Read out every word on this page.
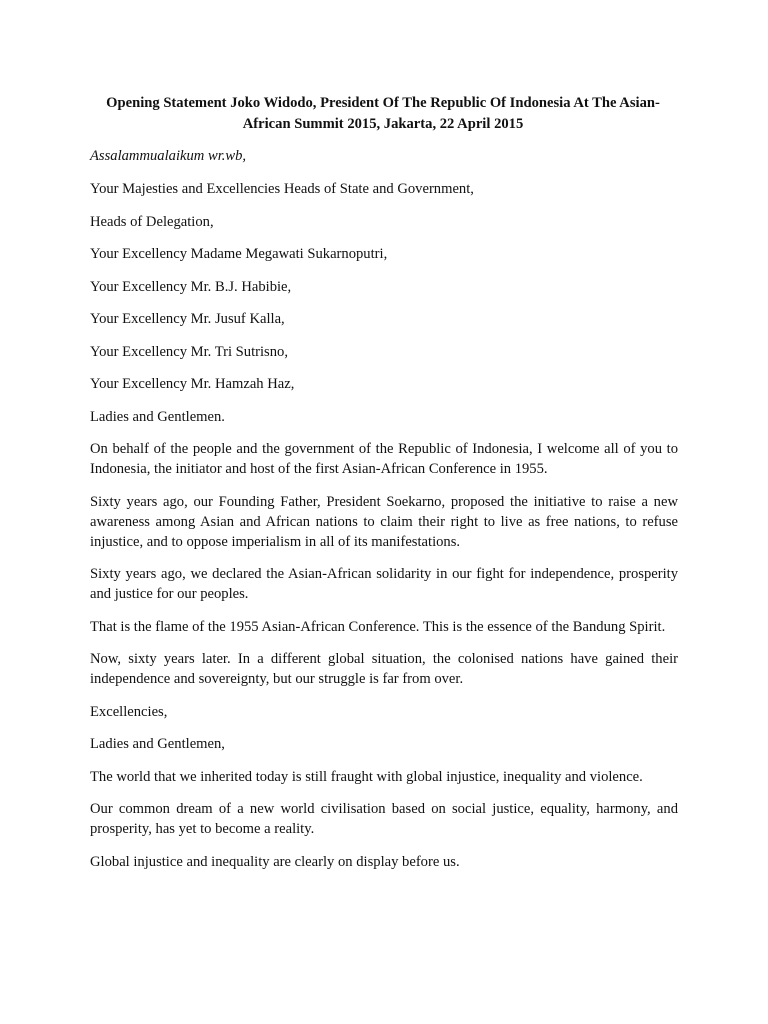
Opening Statement Joko Widodo, President Of The Republic Of Indonesia At The Asian-African Summit 2015, Jakarta, 22 April 2015

Assalammualaikum wr.wb,

Your Majesties and Excellencies Heads of State and Government,

Heads of Delegation,

Your Excellency Madame Megawati Sukarnoputri,

Your Excellency Mr. B.J. Habibie,

Your Excellency Mr. Jusuf Kalla,

Your Excellency Mr. Tri Sutrisno,

Your Excellency Mr. Hamzah Haz,

Ladies and Gentlemen.

On behalf of the people and the government of the Republic of Indonesia, I welcome all of you to Indonesia, the initiator and host of the first Asian-African Conference in 1955.

Sixty years ago, our Founding Father, President Soekarno, proposed the initiative to raise a new awareness among Asian and African nations to claim their right to live as free nations, to refuse injustice, and to oppose imperialism in all of its manifestations.

Sixty years ago, we declared the Asian-African solidarity in our fight for independence, prosperity and justice for our peoples.

That is the flame of the 1955 Asian-African Conference. This is the essence of the Bandung Spirit.

Now, sixty years later. In a different global situation, the colonised nations have gained their independence and sovereignty, but our struggle is far from over.

Excellencies,

Ladies and Gentlemen,

The world that we inherited today is still fraught with global injustice, inequality and violence.

Our common dream of a new world civilisation based on social justice, equality, harmony, and prosperity, has yet to become a reality.

Global injustice and inequality are clearly on display before us.
